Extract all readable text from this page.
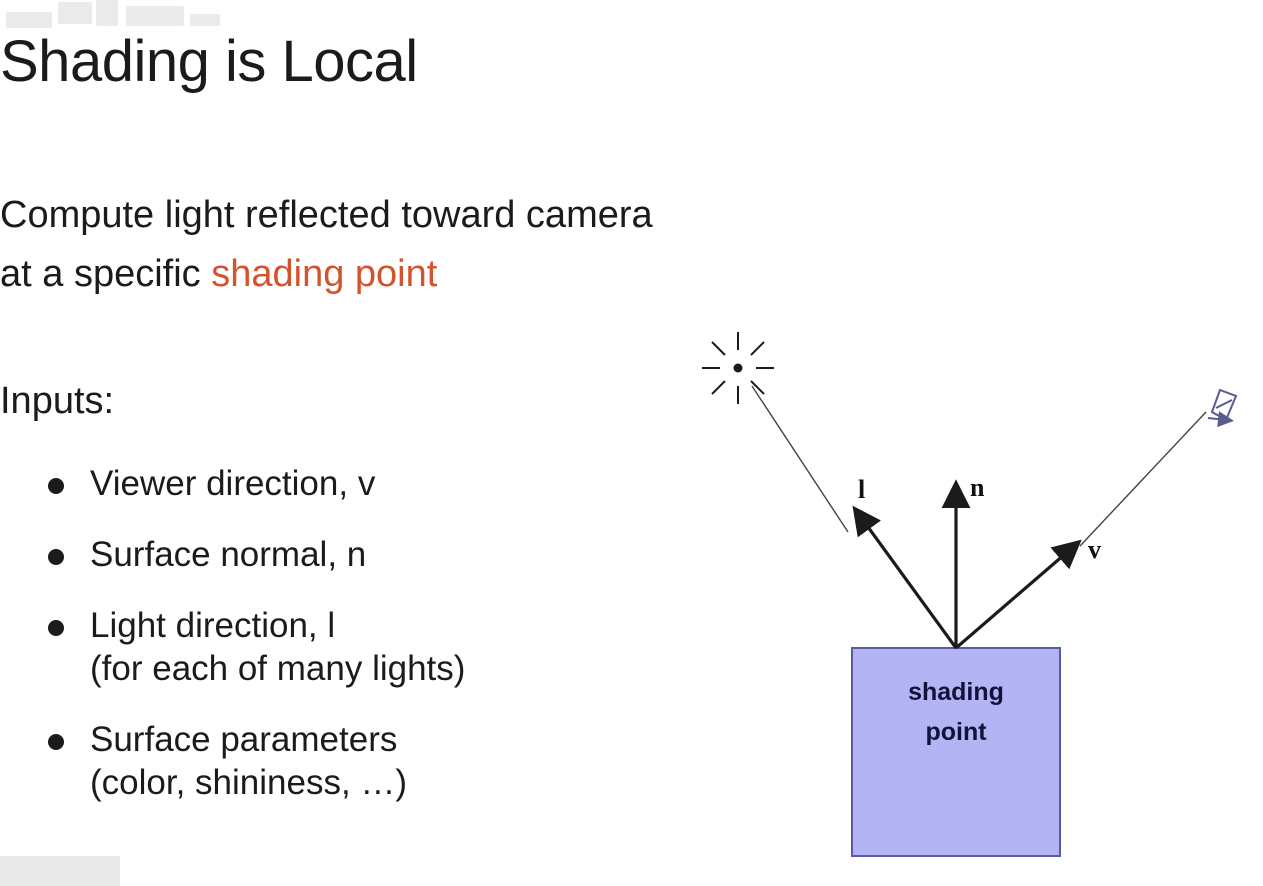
Shading is Local
Compute light reflected toward camera
at a specific shading point
Inputs:
Viewer direction, v
Surface normal, n
Light direction, l
(for each of many lights)
Surface parameters
(color, shininess, …)
l	n
v
shading
point
